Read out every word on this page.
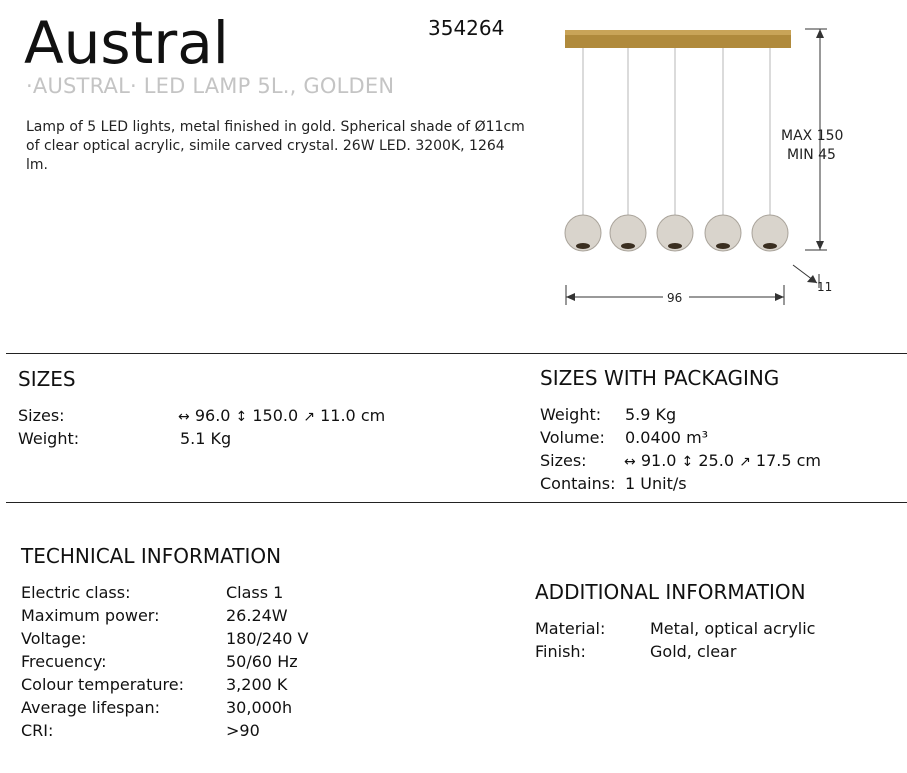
Austral	354264
·AUSTRAL· LED LAMP 5L., GOLDEN
Lamp of 5 LED lights, metal finished in gold. Spherical shade of Ø11cm of clear optical acrylic, simile carved crystal. 26W LED. 3200K, 1264 lm.
MAX 150
MIN 45
11
96
SIZES
Sizes:	↔ 96.0 ↕ 150.0 ↗ 11.0 cm
Weight:	5.1 Kg
SIZES WITH PACKAGING
Weight: 5.9 Kg
Volume: 0.0400 m³
Sizes:	↔ 91.0 ↕ 25.0 ↗ 17.5 cm
Contains: 1 Unit/s
TECHNICAL INFORMATION
Electric class:	Class 1
Maximum power:	26.24W
Voltage:	180/240 V
Frecuency:	50/60 Hz
Colour temperature:	3,200 K
Average lifespan:	30,000h
CRI:	>90
ADDITIONAL INFORMATION
Material:	Metal, optical acrylic
Finish:	Gold, clear
